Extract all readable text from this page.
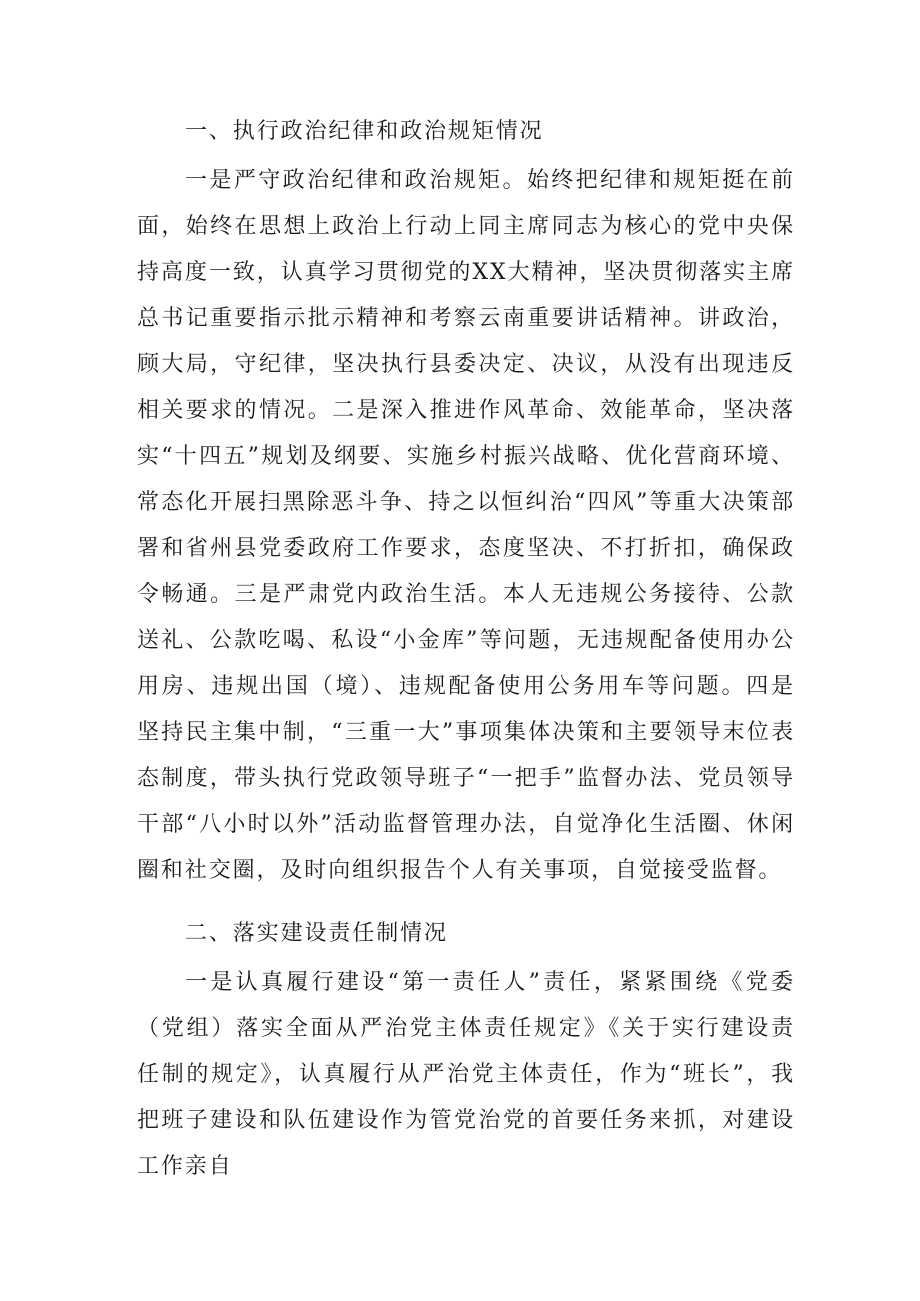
一、执行政治纪律和政治规矩情况

一是严守政治纪律和政治规矩。始终把纪律和规矩挺在前面，始终在思想上政治上行动上同主席同志为核心的党中央保持高度一致，认真学习贯彻党的XX大精神，坚决贯彻落实主席总书记重要指示批示精神和考察云南重要讲话精神。讲政治，顾大局，守纪律，坚决执行县委决定、决议，从没有出现违反相关要求的情况。二是深入推进作风革命、效能革命，坚决落实“十四五”规划及纲要、实施乡村振兴战略、优化营商环境、常态化开展扫黑除恶斗争、持之以恒纠治“四风”等重大决策部署和省州县党委政府工作要求，态度坚决、不打折扣，确保政令畅通。三是严肃党内政治生活。本人无违规公务接待、公款送礼、公款吃喝、私设“小金库”等问题，无违规配备使用办公用房、违规出国（境）、违规配备使用公务用车等问题。四是坚持民主集中制，“三重一大”事项集体决策和主要领导末位表态制度，带头执行党政领导班子“一把手”监督办法、党员领导干部“八小时以外”活动监督管理办法，自觉净化生活圈、休闲圈和社交圈，及时向组织报告个人有关事项，自觉接受监督。

二、落实建设责任制情况

一是认真履行建设“第一责任人”责任，紧紧围绕《党委（党组）落实全面从严治党主体责任规定》《关于实行建设责任制的规定》，认真履行从严治党主体责任，作为“班长”，我把班子建设和队伍建设作为管党治党的首要任务来抓，对建设工作亲自
